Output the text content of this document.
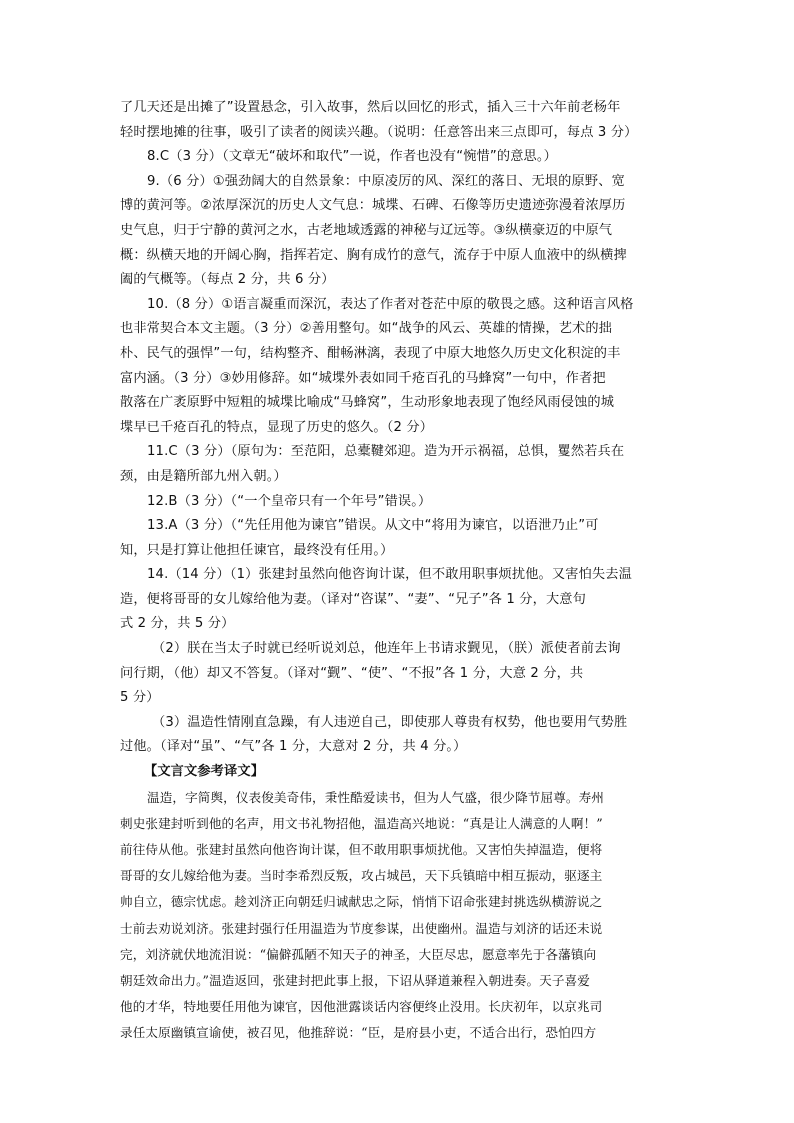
了几天还是出摊了”设置悬念，引入故事，然后以回忆的形式，插入三十六年前老杨年
轻时摆地摊的往事，吸引了读者的阅读兴趣。（说明：任意答出来三点即可，每点 3 分）
8.C（3 分）（文章无“破坏和取代”一说，作者也没有“惋惜”的意思。）
9.（6 分）①强劲阔大的自然景象：中原凌厉的风、深红的落日、无垠的原野、宽
博的黄河等。②浓厚深沉的历史人文气息：城堞、石碑、石像等历史遗迹弥漫着浓厚历
史气息，归于宁静的黄河之水，古老地域透露的神秘与辽远等。③纵横豪迈的中原气
概：纵横天地的开阔心胸，指挥若定、胸有成竹的意气，流存于中原人血液中的纵横捭
阖的气概等。（每点 2 分，共 6 分）
10.（8 分）①语言凝重而深沉，表达了作者对苍茫中原的敬畏之感。这种语言风格
也非常契合本文主题。（3 分）②善用整句。如“战争的风云、英雄的情操，艺术的拙
朴、民气的强悍”一句，结构整齐、酣畅淋漓，表现了中原大地悠久历史文化积淀的丰
富内涵。（3 分）③妙用修辞。如“城堞外表如同千疮百孔的马蜂窝”一句中，作者把
散落在广袤原野中短粗的城堞比喻成“马蜂窝”，生动形象地表现了饱经风雨侵蚀的城
堞早已千疮百孔的特点，显现了历史的悠久。（2 分）
11.C（3 分）（原句为：至范阳，总橐鞬郊迎。造为开示祸福，总惧，矍然若兵在
颈，由是籍所部九州入朝。）
12.B（3 分）（“一个皇帝只有一个年号”错误。）
13.A（3 分）（“先任用他为谏官”错误。从文中“将用为谏官，以语泄乃止”可
知，只是打算让他担任谏官，最终没有任用。）
14.（14 分）（1）张建封虽然向他咨询计谋，但不敢用职事烦扰他。又害怕失去温
造，便将哥哥的女儿嫁给他为妻。（译对“咨谋”、“妻”、“兄子”各 1 分，大意句
式 2 分，共 5 分）
（2）朕在当太子时就已经听说刘总，他连年上书请求觐见，（朕）派使者前去询
问行期，（他）却又不答复。（译对“觐”、“使”、“不报”各 1 分，大意 2 分，共
5 分）
（3）温造性情刚直急躁，有人违逆自己，即使那人尊贵有权势，他也要用气势胜
过他。（译对“虽”、“气”各 1 分，大意对 2 分，共 4 分。）
【文言文参考译文】
温造，字简舆，仪表俊美奇伟，秉性酷爱读书，但为人气盛，很少降节屈尊。寿州
刺史张建封听到他的名声，用文书礼物招他，温造高兴地说：“真是让人满意的人啊！”
前往侍从他。张建封虽然向他咨询计谋，但不敢用职事烦扰他。又害怕失掉温造，便将
哥哥的女儿嫁给他为妻。当时李希烈反叛，攻占城邑，天下兵镇暗中相互振动，驱逐主
帅自立，德宗忧虑。趁刘济正向朝廷归诚献忠之际，悄悄下诏命张建封挑选纵横游说之
士前去劝说刘济。张建封强行任用温造为节度参谋，出使幽州。温造与刘济的话还未说
完，刘济就伏地流泪说：“偏僻孤陋不知天子的神圣，大臣尽忠，愿意率先于各藩镇向
朝廷效命出力。”温造返回，张建封把此事上报，下诏从驿道兼程入朝进奏。天子喜爱
他的才华，特地要任用他为谏官，因他泄露谈话内容便终止没用。长庆初年，以京兆司
录任太原幽镇宣谕使，被召见，他推辞说：“臣，是府县小吏，不适合出行，恐怕四方
